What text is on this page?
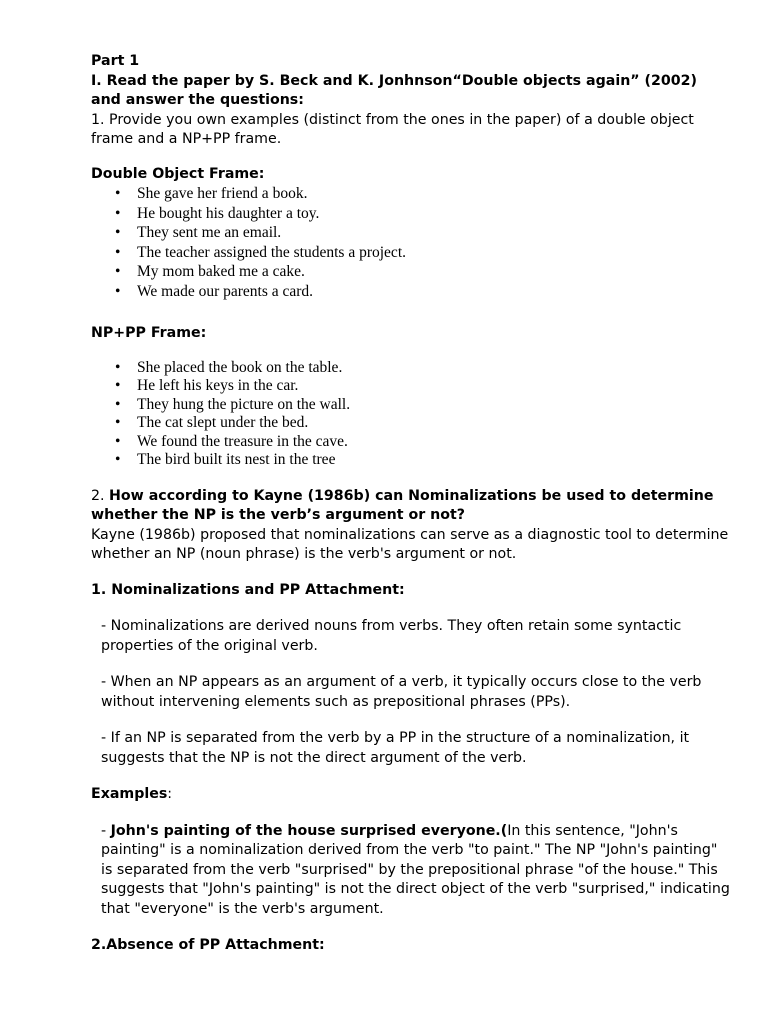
Part 1

I. Read the paper by S. Beck and K. Jonhnson“Double objects again” (2002)

and answer the questions:

1. Provide you own examples (distinct from the ones in the paper) of a double object frame and a NP+PP frame.

Double Object Frame:

• She gave her friend a book.
• He bought his daughter a toy.
• They sent me an email.
• The teacher assigned the students a project.
• My mom baked me a cake.
• We made our parents a card.

NP+PP Frame:

• She placed the book on the table.
• He left his keys in the car.
• They hung the picture on the wall.
• The cat slept under the bed.
• We found the treasure in the cave.
• The bird built its nest in the tree

2. How according to Kayne (1986b) can Nominalizations be used to determine whether the NP is the verb’s argument or not?

Kayne (1986b) proposed that nominalizations can serve as a diagnostic tool to determine whether an NP (noun phrase) is the verb's argument or not.

1. Nominalizations and PP Attachment:

- Nominalizations are derived nouns from verbs. They often retain some syntactic properties of the original verb.

- When an NP appears as an argument of a verb, it typically occurs close to the verb without intervening elements such as prepositional phrases (PPs).

- If an NP is separated from the verb by a PP in the structure of a nominalization, it suggests that the NP is not the direct argument of the verb.

Examples:

- John's painting of the house surprised everyone.(In this sentence, "John's painting" is a nominalization derived from the verb "to paint." The NP "John's painting" is separated from the verb "surprised" by the prepositional phrase "of the house." This suggests that "John's painting" is not the direct object of the verb "surprised," indicating that "everyone" is the verb's argument.

2.Absence of PP Attachment:
